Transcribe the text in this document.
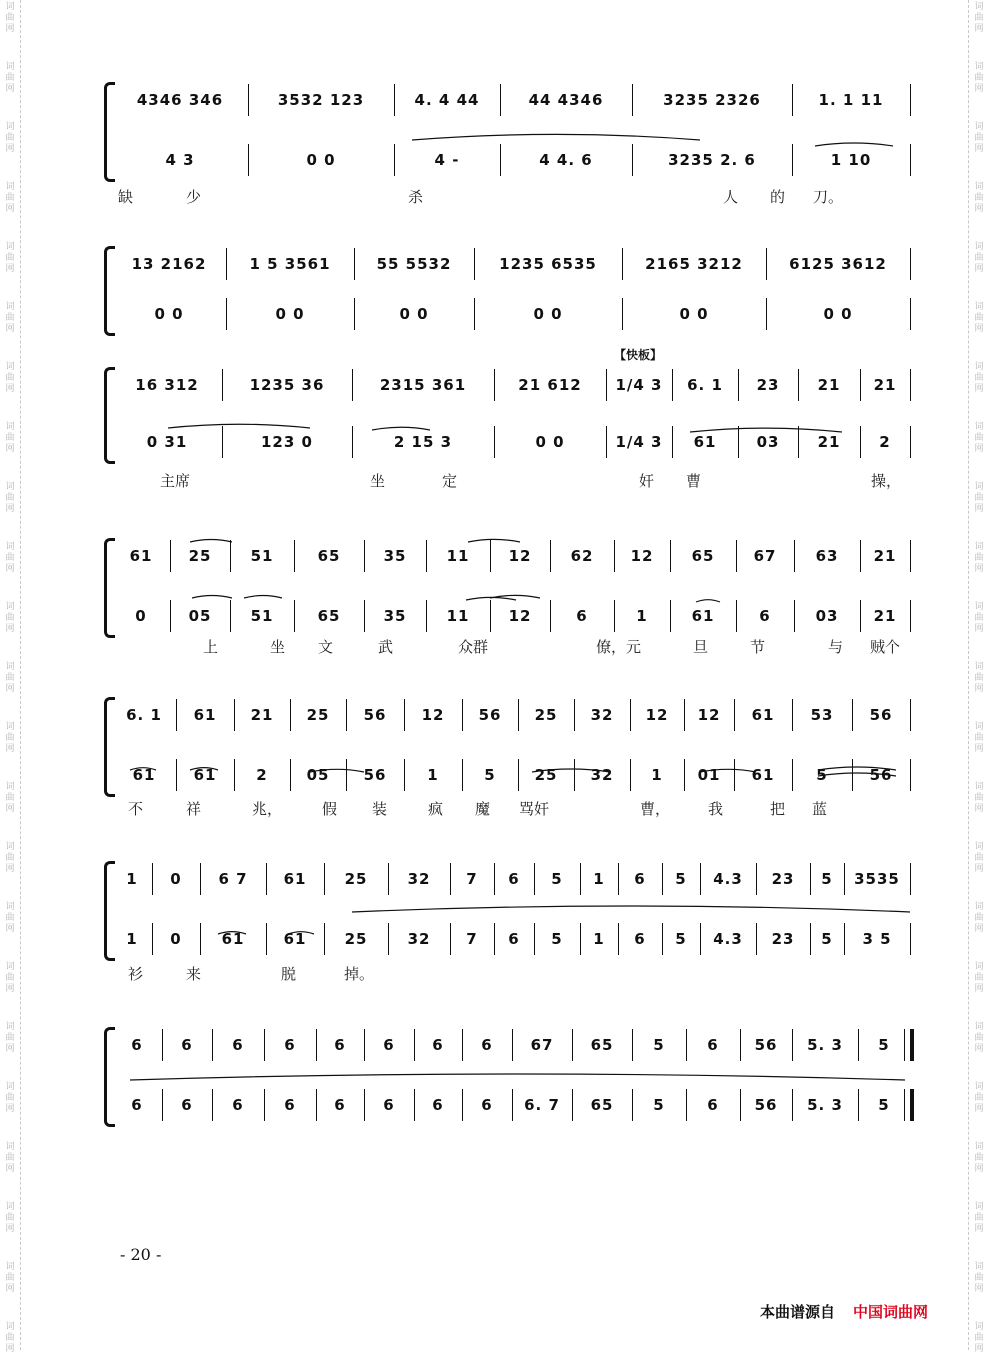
词
曲
网
词
曲
网
词
曲
网
词
曲
网
词
曲
网
词
曲
网
词
曲
网
词
曲
网
词
曲
网
词
曲
网
词
曲
网
词
曲
网
词
曲
网
词
曲
网
词
曲
网
词
曲
网
词
曲
网
词
曲
网
词
曲
网
词
曲
网
词
曲
网
词
曲
网
词
曲
网
词
曲
网
词
曲
网
词
曲
网
词
曲
网
词
曲
网
词
曲
网
词
曲
网
词
曲
网
词
曲
网
词
曲
网
词
曲
网
词
曲
网
词
曲
网
词
曲
网
词
曲
网
词
曲
网
词
曲
网
词
曲
网
词
曲
网
词
曲
网
词
曲
网
词
曲
网
词
曲
网
【快板】
4346 346	3532 123	4. 4 44	44 4346	3235 2326	1. 1 11
4 3	0 0	4 -	4 4. 6	3235 2. 6	1 10
缺	少	杀	人 的 刀。
13 2162	1 5 3561	55 5532	1235 6535	2165 3212	6125 3612
0 0	0 0	0 0	0 0	0 0	0 0
16 312	1235 36	2315 361	21 612	1/4 3	6. 1	23	21	21
0 31	123 0	2 15 3	0 0	1/4 3	61	03	21	2
主席	坐	定	奸 曹	操，
61	25	51	65	35	11	12	62	12	65	67	63	21
0	05	51	65	35	11	12	6	1	61	6	03	21
上	坐 文	武	众群	僚， 元	旦	节	与 贼个
6. 1	61	21	25	56	12	56	25	32	12	12	61	53	56
61	61	2	05	56	1	5	25	32	1	01	61	5	56
不	祥	兆，	假 装	疯 魔 骂奸	曹，	我	把 蓝
1	0	6 7	61	25	32	7	6	5	1	6	5	4.3	23	5	3535
1	0	61	61	25	32	7	6	5	1	6	5	4.3	23	5	3 5
衫	来	脱	掉。
6	6	6	6	6	6	6	6	67	65	5	6	56	5. 3	5
6	6	6	6	6	6	6	6	6. 7	65	5	6	56	5. 3	5
- 20 -
本曲谱源自 中国词曲网
